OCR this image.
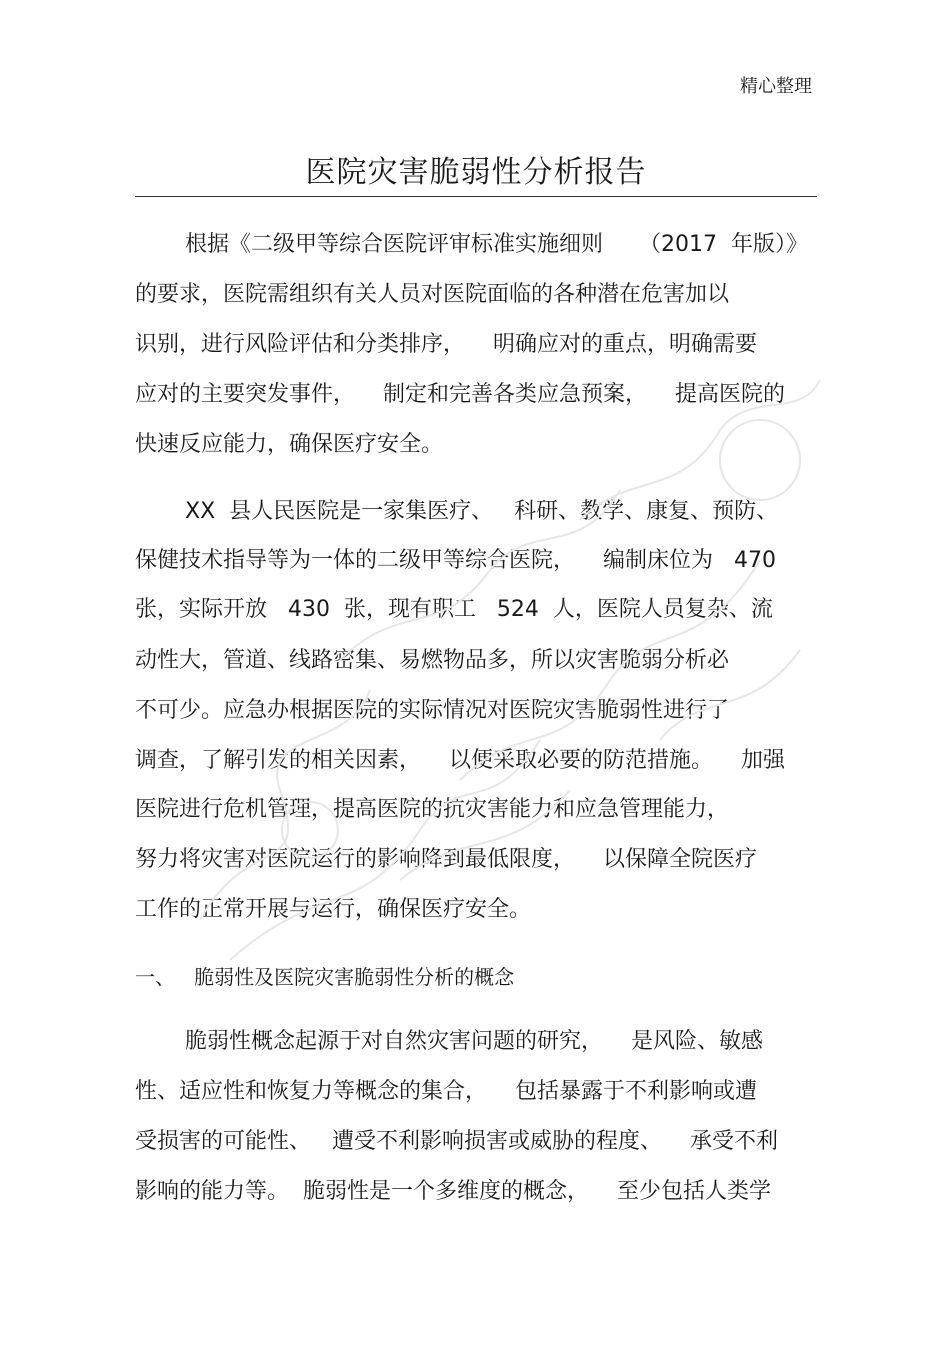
精心整理
医院灾害脆弱性分析报告
根据《二级甲等综合医院评审标准实施细则 　 （2017  年版）》
的要求，医院需组织有关人员对医院面临的各种潜在危害加以
识别，进行风险评估和分类排序，    明确应对的重点，明确需要
应对的主要突发事件，    制定和完善各类应急预案，    提高医院的
快速反应能力，确保医疗安全。
XX  县人民医院是一家集医疗、   科研、教学、康复、预防、
保健技术指导等为一体的二级甲等综合医院，    编制床位为   470
张，实际开放   430  张，现有职工   524  人，医院人员复杂、流
动性大，管道、线路密集、易燃物品多，所以灾害脆弱分析必
不可少。应急办根据医院的实际情况对医院灾害脆弱性进行了
调查，了解引发的相关因素，    以便采取必要的防范措施。    加强
医院进行危机管理，提高医院的抗灾害能力和应急管理能力，
努力将灾害对医院运行的影响降到最低限度，    以保障全院医疗
工作的正常开展与运行，确保医疗安全。
一、   脆弱性及医院灾害脆弱性分析的概念
脆弱性概念起源于对自然灾害问题的研究，    是风险、敏感
性、适应性和恢复力等概念的集合，    包括暴露于不利影响或遭
受损害的可能性、   遭受不利影响损害或威胁的程度、    承受不利
影响的能力等。  脆弱性是一个多维度的概念，    至少包括人类学
